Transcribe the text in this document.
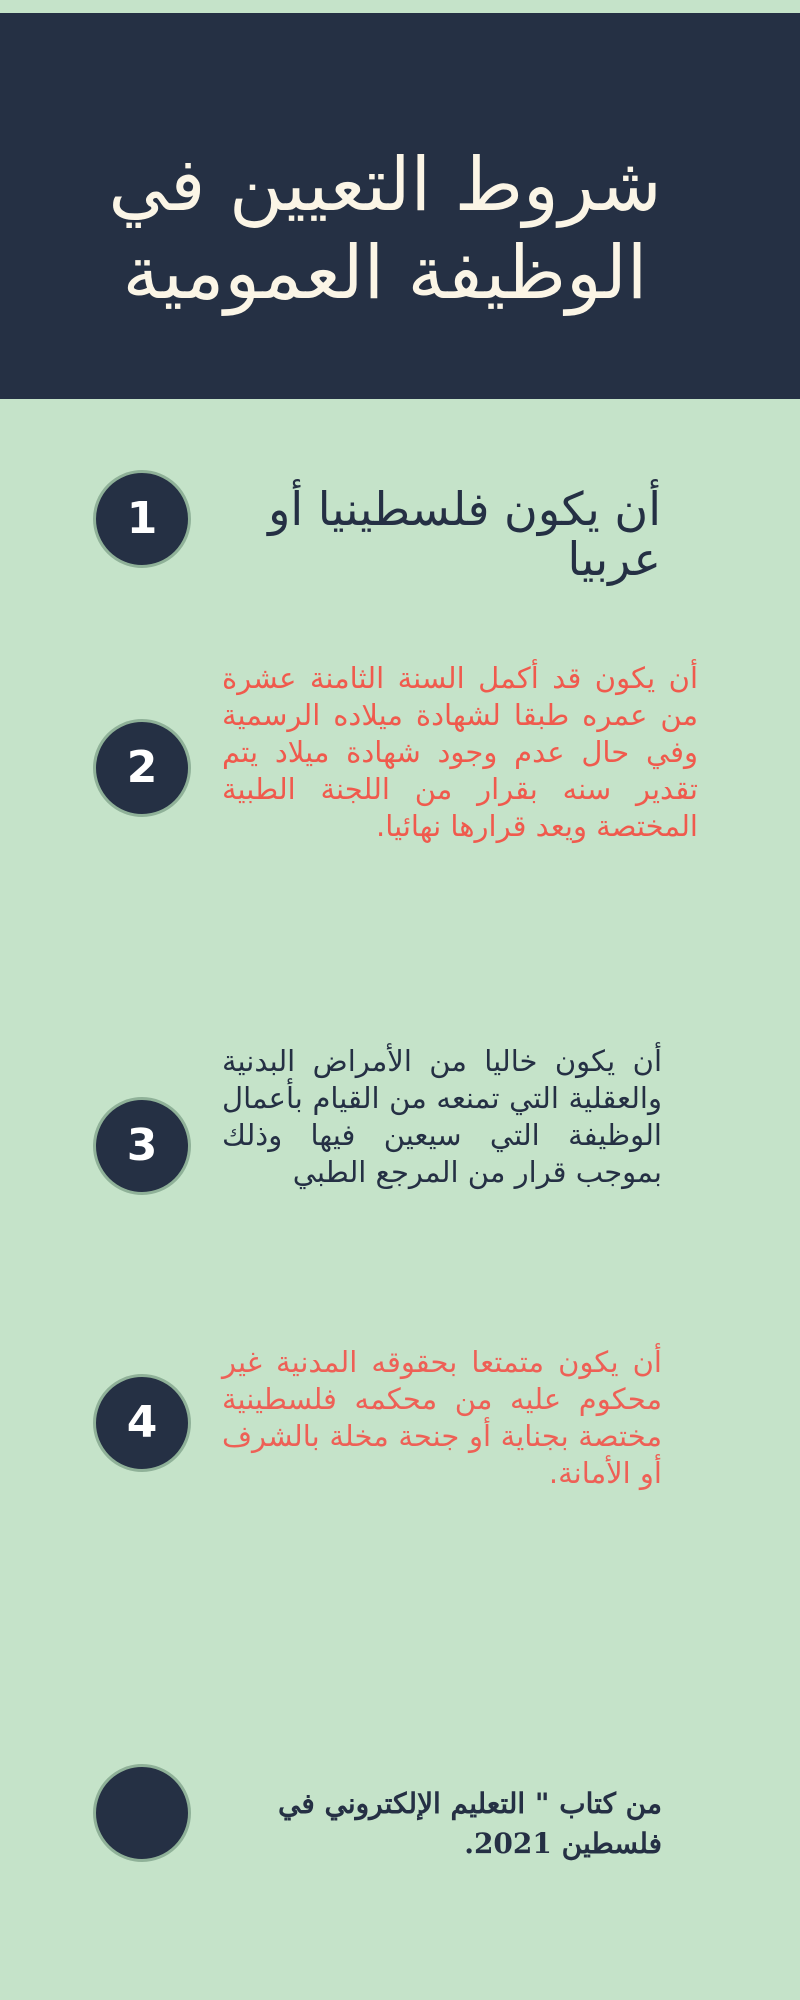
شروط التعيين في الوظيفة العمومية
1	أن يكون فلسطينيا أو عربيا

2

أن يكون قد أكمل السنة الثامنة عشرة من عمره طبقا لشهادة ميلاده الرسمية وفي حال عدم وجود شهادة ميلاد يتم تقدير سنه بقرار من اللجنة الطبية المختصة ويعد قرارها نهائيا.

3

أن يكون خاليا من الأمراض البدنية والعقلية التي تمنعه من القيام بأعمال الوظيفة التي سيعين فيها وذلك بموجب قرار من المرجع الطبي

4

أن يكون متمتعا بحقوقه المدنية غير محكوم عليه من محكمه فلسطينية مختصة بجناية أو جنحة مخلة بالشرف أو الأمانة.

من كتاب " التعليم الإلكتروني في فلسطين 2021.
